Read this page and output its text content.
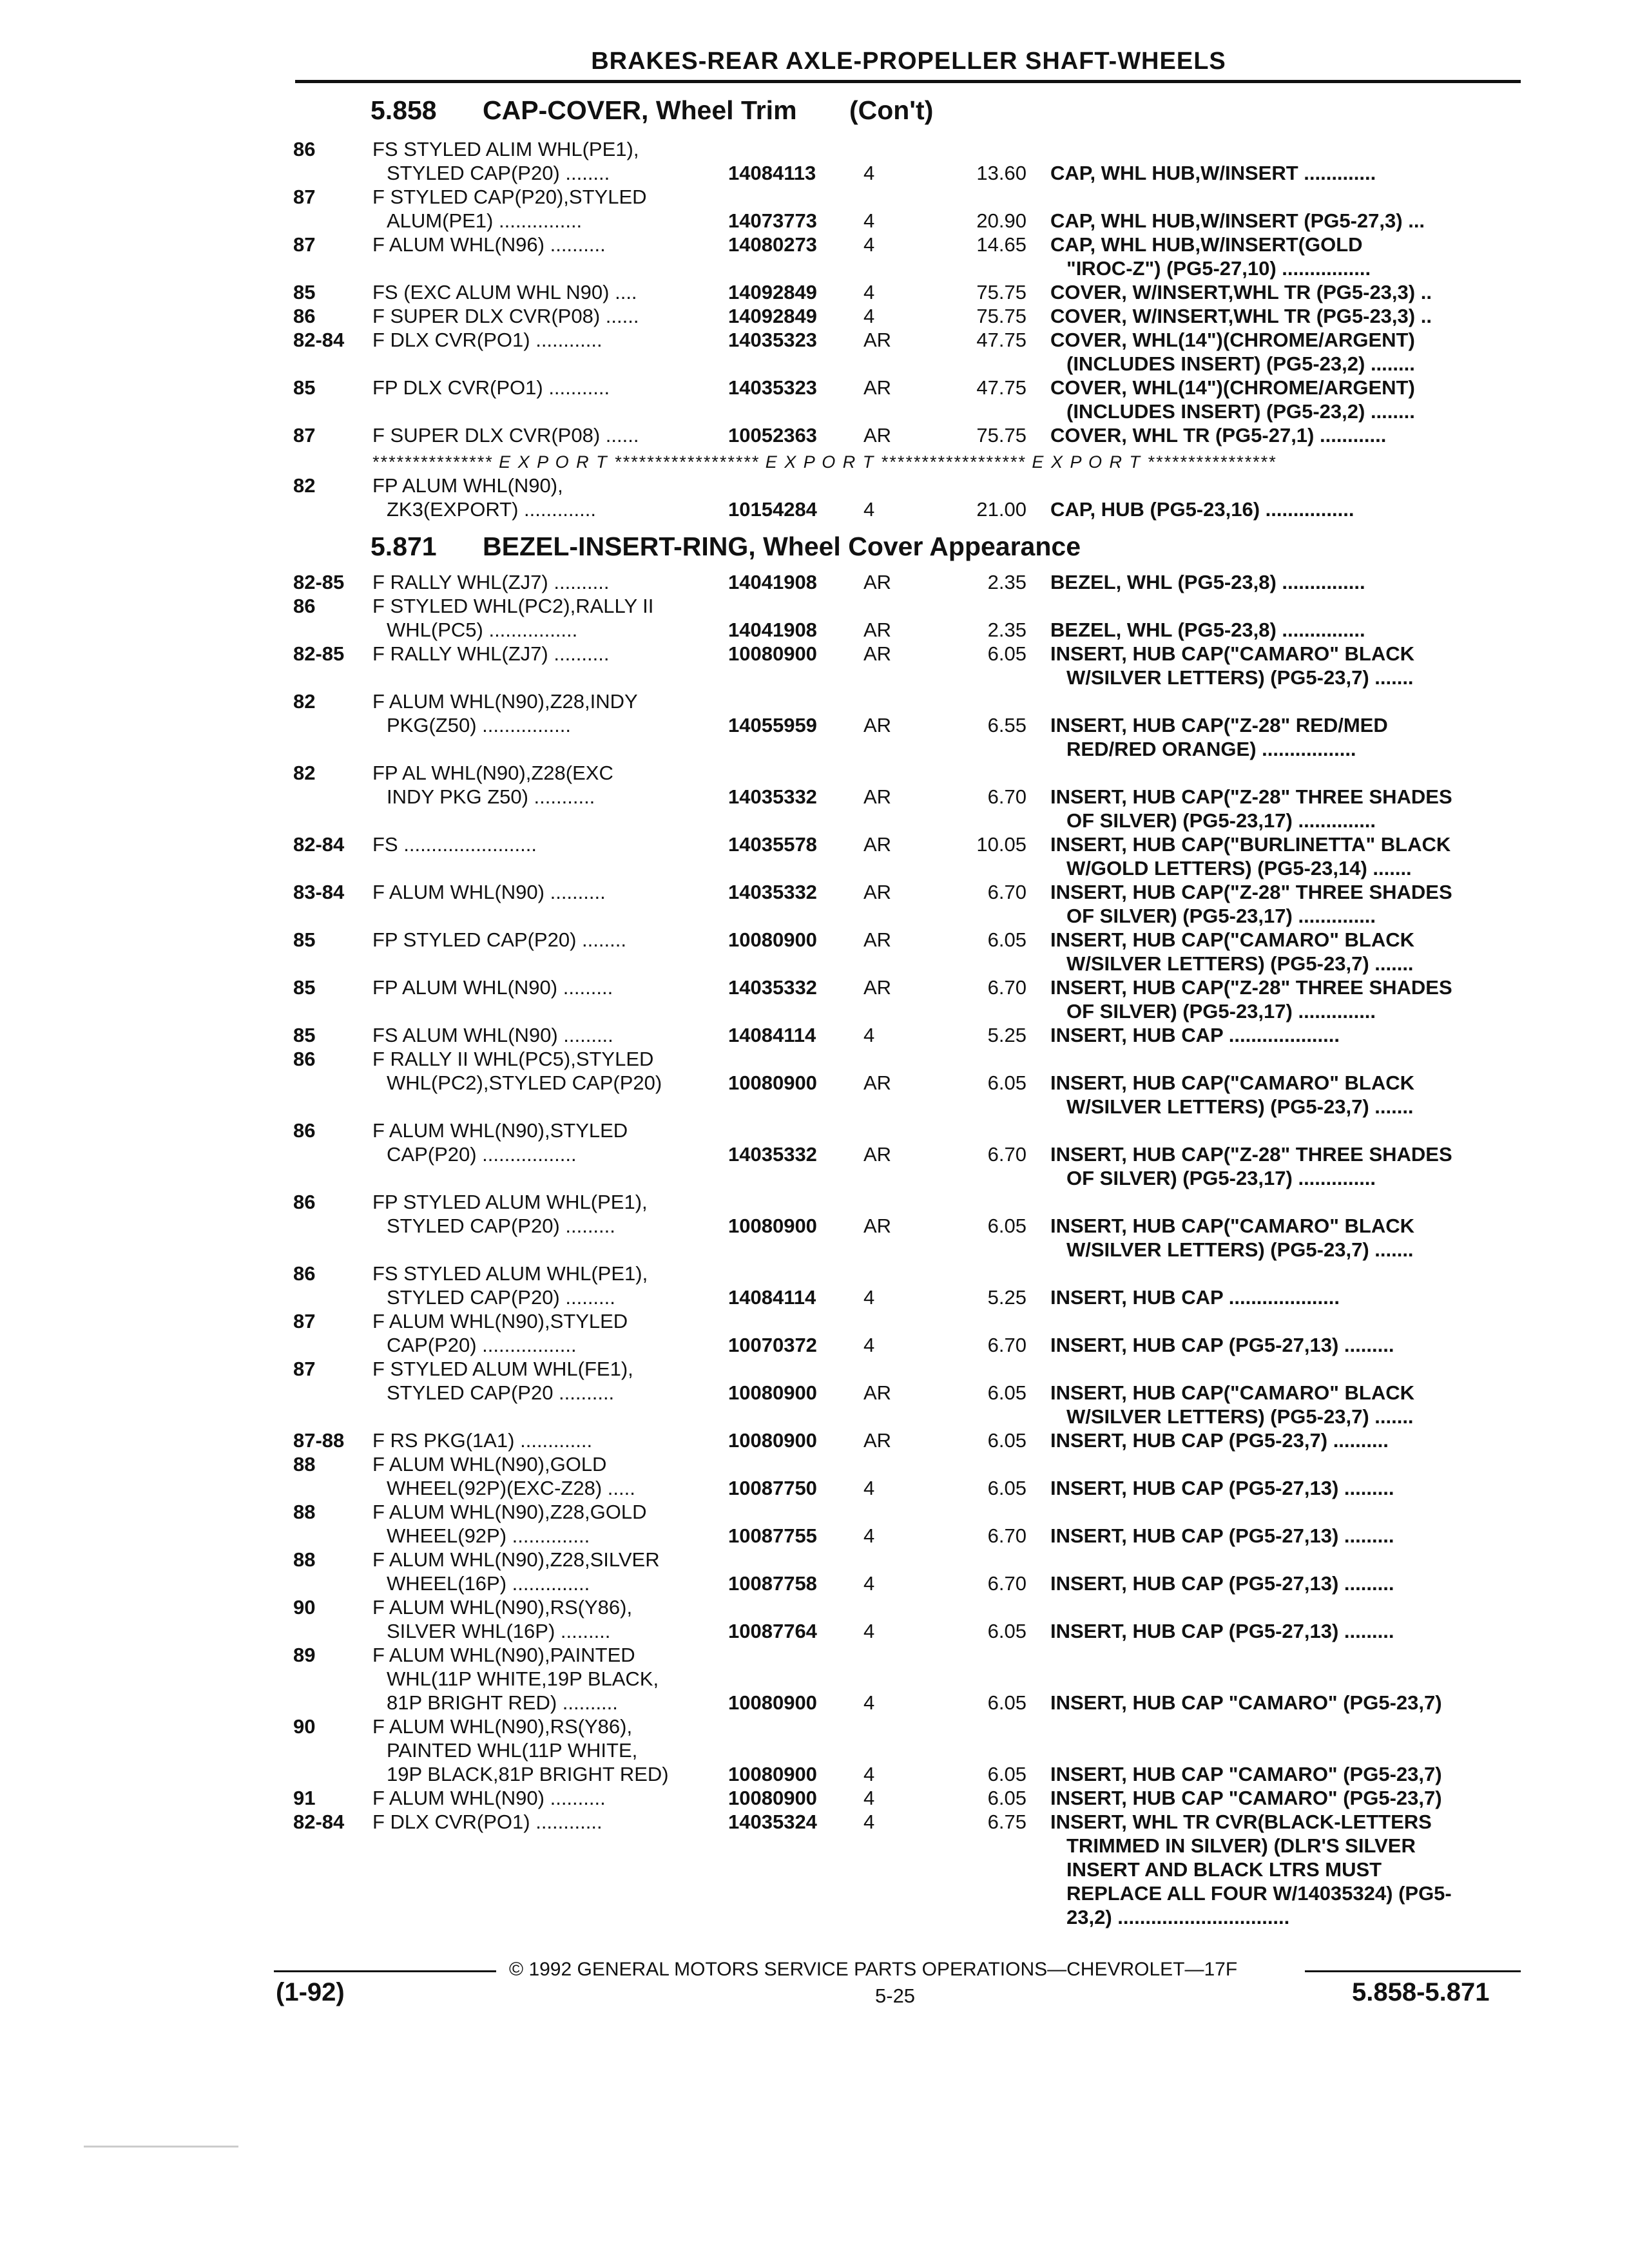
BRAKES-REAR AXLE-PROPELLER SHAFT-WHEELS
5.858 CAP-COVER, Wheel Trim (Con't)
*************** E X P O R T ****************** E X P O R T ****************** E X P O R T ****************
5.871 BEZEL-INSERT-RING, Wheel Cover Appearance
86	FS STYLED ALIM WHL(PE1),
STYLED CAP(P20) ........	14084113 4	13.60 CAP, WHL HUB,W/INSERT .............
87	F STYLED CAP(P20),STYLED
ALUM(PE1) ...............	14073773 4	20.90 CAP, WHL HUB,W/INSERT (PG5-27,3) ...
87	F ALUM WHL(N96) ..........	14080273 4	14.65 CAP, WHL HUB,W/INSERT(GOLD
"IROC-Z") (PG5-27,10) ................
85	FS (EXC ALUM WHL N90) ....	14092849 4	75.75 COVER, W/INSERT,WHL TR (PG5-23,3) ..
86	F SUPER DLX CVR(P08) ......	14092849 4	75.75 COVER, W/INSERT,WHL TR (PG5-23,3) ..
82-84 F DLX CVR(PO1) ............	14035323 AR	47.75 COVER, WHL(14")(CHROME/ARGENT)
(INCLUDES INSERT) (PG5-23,2) ........
85	FP DLX CVR(PO1) ...........	14035323 AR	47.75 COVER, WHL(14")(CHROME/ARGENT)
(INCLUDES INSERT) (PG5-23,2) ........
87	F SUPER DLX CVR(P08) ......	10052363 AR	75.75 COVER, WHL TR (PG5-27,1) ............
82	FP ALUM WHL(N90),
ZK3(EXPORT) .............	10154284 4	21.00 CAP, HUB (PG5-23,16) ................
82-85 F RALLY WHL(ZJ7) ..........	14041908 AR	2.35 BEZEL, WHL (PG5-23,8) ...............
86	F STYLED WHL(PC2),RALLY II
WHL(PC5) ................	14041908 AR	2.35 BEZEL, WHL (PG5-23,8) ...............
82-85 F RALLY WHL(ZJ7) ..........	10080900 AR	6.05 INSERT, HUB CAP("CAMARO" BLACK
W/SILVER LETTERS) (PG5-23,7) .......
82	F ALUM WHL(N90),Z28,INDY
PKG(Z50) ................	14055959 AR	6.55 INSERT, HUB CAP("Z-28" RED/MED
RED/RED ORANGE) .................
82	FP AL WHL(N90),Z28(EXC
INDY PKG Z50) ...........	14035332 AR	6.70 INSERT, HUB CAP("Z-28" THREE SHADES
OF SILVER) (PG5-23,17) ..............
82-84 FS ........................	14035578 AR	10.05 INSERT, HUB CAP("BURLINETTA" BLACK
W/GOLD LETTERS) (PG5-23,14) .......
83-84 F ALUM WHL(N90) ..........	14035332 AR	6.70 INSERT, HUB CAP("Z-28" THREE SHADES
OF SILVER) (PG5-23,17) ..............
85	FP STYLED CAP(P20) ........	10080900 AR	6.05 INSERT, HUB CAP("CAMARO" BLACK
W/SILVER LETTERS) (PG5-23,7) .......
85	FP ALUM WHL(N90) .........	14035332 AR	6.70 INSERT, HUB CAP("Z-28" THREE SHADES
OF SILVER) (PG5-23,17) ..............
85	FS ALUM WHL(N90) .........	14084114 4	5.25 INSERT, HUB CAP ....................
86	F RALLY II WHL(PC5),STYLED
WHL(PC2),STYLED CAP(P20)	10080900 AR	6.05 INSERT, HUB CAP("CAMARO" BLACK
W/SILVER LETTERS) (PG5-23,7) .......
86	F ALUM WHL(N90),STYLED
CAP(P20) .................	14035332 AR	6.70 INSERT, HUB CAP("Z-28" THREE SHADES
OF SILVER) (PG5-23,17) ..............
86	FP STYLED ALUM WHL(PE1),
STYLED CAP(P20) .........	10080900 AR	6.05 INSERT, HUB CAP("CAMARO" BLACK
W/SILVER LETTERS) (PG5-23,7) .......
86	FS STYLED ALUM WHL(PE1),
STYLED CAP(P20) .........	14084114 4	5.25 INSERT, HUB CAP ....................
87	F ALUM WHL(N90),STYLED
CAP(P20) .................	10070372 4	6.70 INSERT, HUB CAP (PG5-27,13) .........
87	F STYLED ALUM WHL(FE1),
STYLED CAP(P20 ..........	10080900 AR	6.05 INSERT, HUB CAP("CAMARO" BLACK
W/SILVER LETTERS) (PG5-23,7) .......
87-88 F RS PKG(1A1) .............	10080900 AR	6.05 INSERT, HUB CAP (PG5-23,7) ..........
88	F ALUM WHL(N90),GOLD
WHEEL(92P)(EXC-Z28) .....	10087750 4	6.05 INSERT, HUB CAP (PG5-27,13) .........
88	F ALUM WHL(N90),Z28,GOLD
WHEEL(92P) ..............	10087755 4	6.70 INSERT, HUB CAP (PG5-27,13) .........
88	F ALUM WHL(N90),Z28,SILVER
WHEEL(16P) ..............	10087758 4	6.70 INSERT, HUB CAP (PG5-27,13) .........
90	F ALUM WHL(N90),RS(Y86),
SILVER WHL(16P) .........	10087764 4	6.05 INSERT, HUB CAP (PG5-27,13) .........
89	F ALUM WHL(N90),PAINTED
WHL(11P WHITE,19P BLACK,
81P BRIGHT RED) ..........	10080900 4	6.05 INSERT, HUB CAP "CAMARO" (PG5-23,7)
90	F ALUM WHL(N90),RS(Y86),
PAINTED WHL(11P WHITE,
19P BLACK,81P BRIGHT RED)	10080900 4	6.05 INSERT, HUB CAP "CAMARO" (PG5-23,7)
91	F ALUM WHL(N90) ..........	10080900 4	6.05 INSERT, HUB CAP "CAMARO" (PG5-23,7)
82-84 F DLX CVR(PO1) ............	14035324 4	6.75 INSERT, WHL TR CVR(BLACK-LETTERS
TRIMMED IN SILVER) (DLR'S SILVER
INSERT AND BLACK LTRS MUST
REPLACE ALL FOUR W/14035324) (PG5-
23,2) ...............................
© 1992 GENERAL MOTORS SERVICE PARTS OPERATIONS—CHEVROLET—17F
(1-92)	5-25	5.858-5.871
